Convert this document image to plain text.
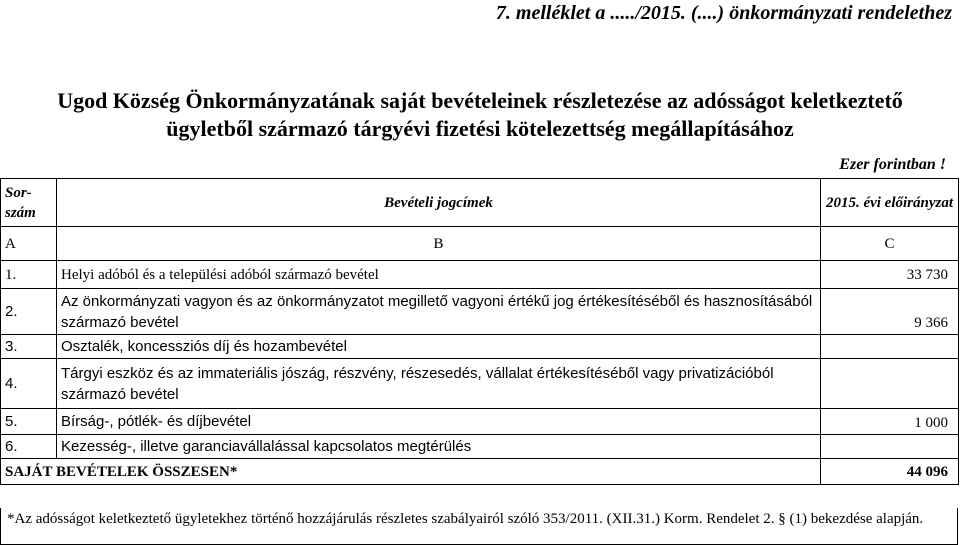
7. melléklet a ...../2015. (....) önkormányzati rendelethez
Ugod Község Önkormányzatának saját bevételeinek részletezése az adósságot keletkeztető
ügyletből származó tárgyévi fizetési kötelezettség megállapításához
Ezer forintban !
Sor-
szám	Bevételi jogcímek	2015. évi előirányzat
A	B	C
1.	Helyi adóból és a települési adóból származó bevétel	33 730
2.	Az önkormányzati vagyon és az önkormányzatot megillető vagyoni értékű jog értékesítéséből és hasznosításából származó bevétel	9 366
3.	Osztalék, koncessziós díj és hozambevétel	
4.	Tárgyi eszköz és az immateriális jószág, részvény, részesedés, vállalat értékesítéséből vagy privatizációból származó bevétel	
5.	Bírság-, pótlék- és díjbevétel	1 000
6.	Kezesség-, illetve garanciavállalással kapcsolatos megtérülés	
SAJÁT BEVÉTELEK ÖSSZESEN*		44 096
*Az adósságot keletkeztető ügyletekhez történő hozzájárulás részletes szabályairól szóló 353/2011. (XII.31.) Korm. Rendelet 2. § (1) bekezdése alapján.
